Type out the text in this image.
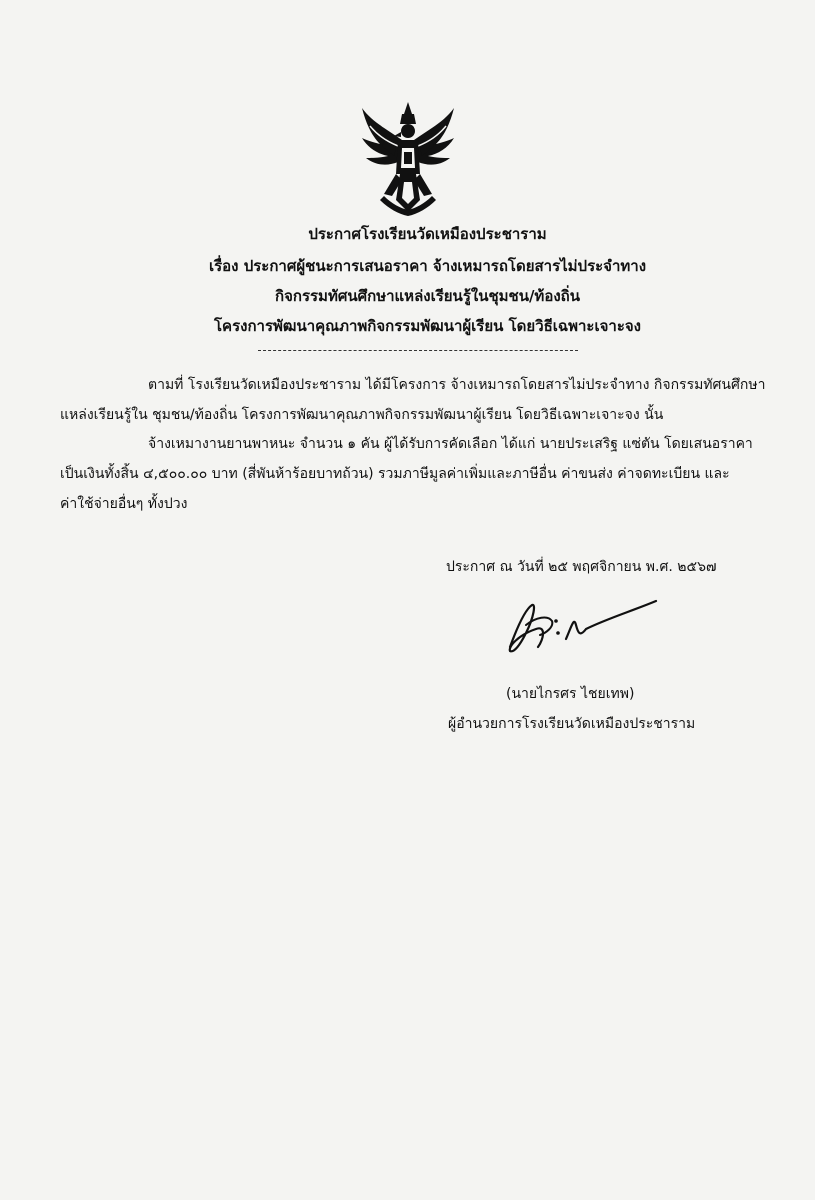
ประกาศโรงเรียนวัดเหมืองประชาราม
เรื่อง ประกาศผู้ชนะการเสนอราคา จ้างเหมารถโดยสารไม่ประจำทาง
กิจกรรมทัศนศึกษาแหล่งเรียนรู้ในชุมชน/ท้องถิ่น
โครงการพัฒนาคุณภาพกิจกรรมพัฒนาผู้เรียน โดยวิธีเฉพาะเจาะจง
ตามที่ โรงเรียนวัดเหมืองประชาราม ได้มีโครงการ จ้างเหมารถโดยสารไม่ประจำทาง กิจกรรมทัศนศึกษา
แหล่งเรียนรู้ใน ชุมชน/ท้องถิ่น โครงการพัฒนาคุณภาพกิจกรรมพัฒนาผู้เรียน โดยวิธีเฉพาะเจาะจง นั้น
จ้างเหมางานยานพาหนะ จำนวน ๑ คัน ผู้ได้รับการคัดเลือก ได้แก่ นายประเสริฐ แซ่ตัน โดยเสนอราคา
เป็นเงินทั้งสิ้น ๔,๕๐๐.๐๐ บาท (สี่พันห้าร้อยบาทถ้วน) รวมภาษีมูลค่าเพิ่มและภาษีอื่น ค่าขนส่ง ค่าจดทะเบียน และ
ค่าใช้จ่ายอื่นๆ ทั้งปวง
ประกาศ ณ วันที่ ๒๕ พฤศจิกายน พ.ศ. ๒๕๖๗
(นายไกรศร ไชยเทพ)
ผู้อำนวยการโรงเรียนวัดเหมืองประชาราม
